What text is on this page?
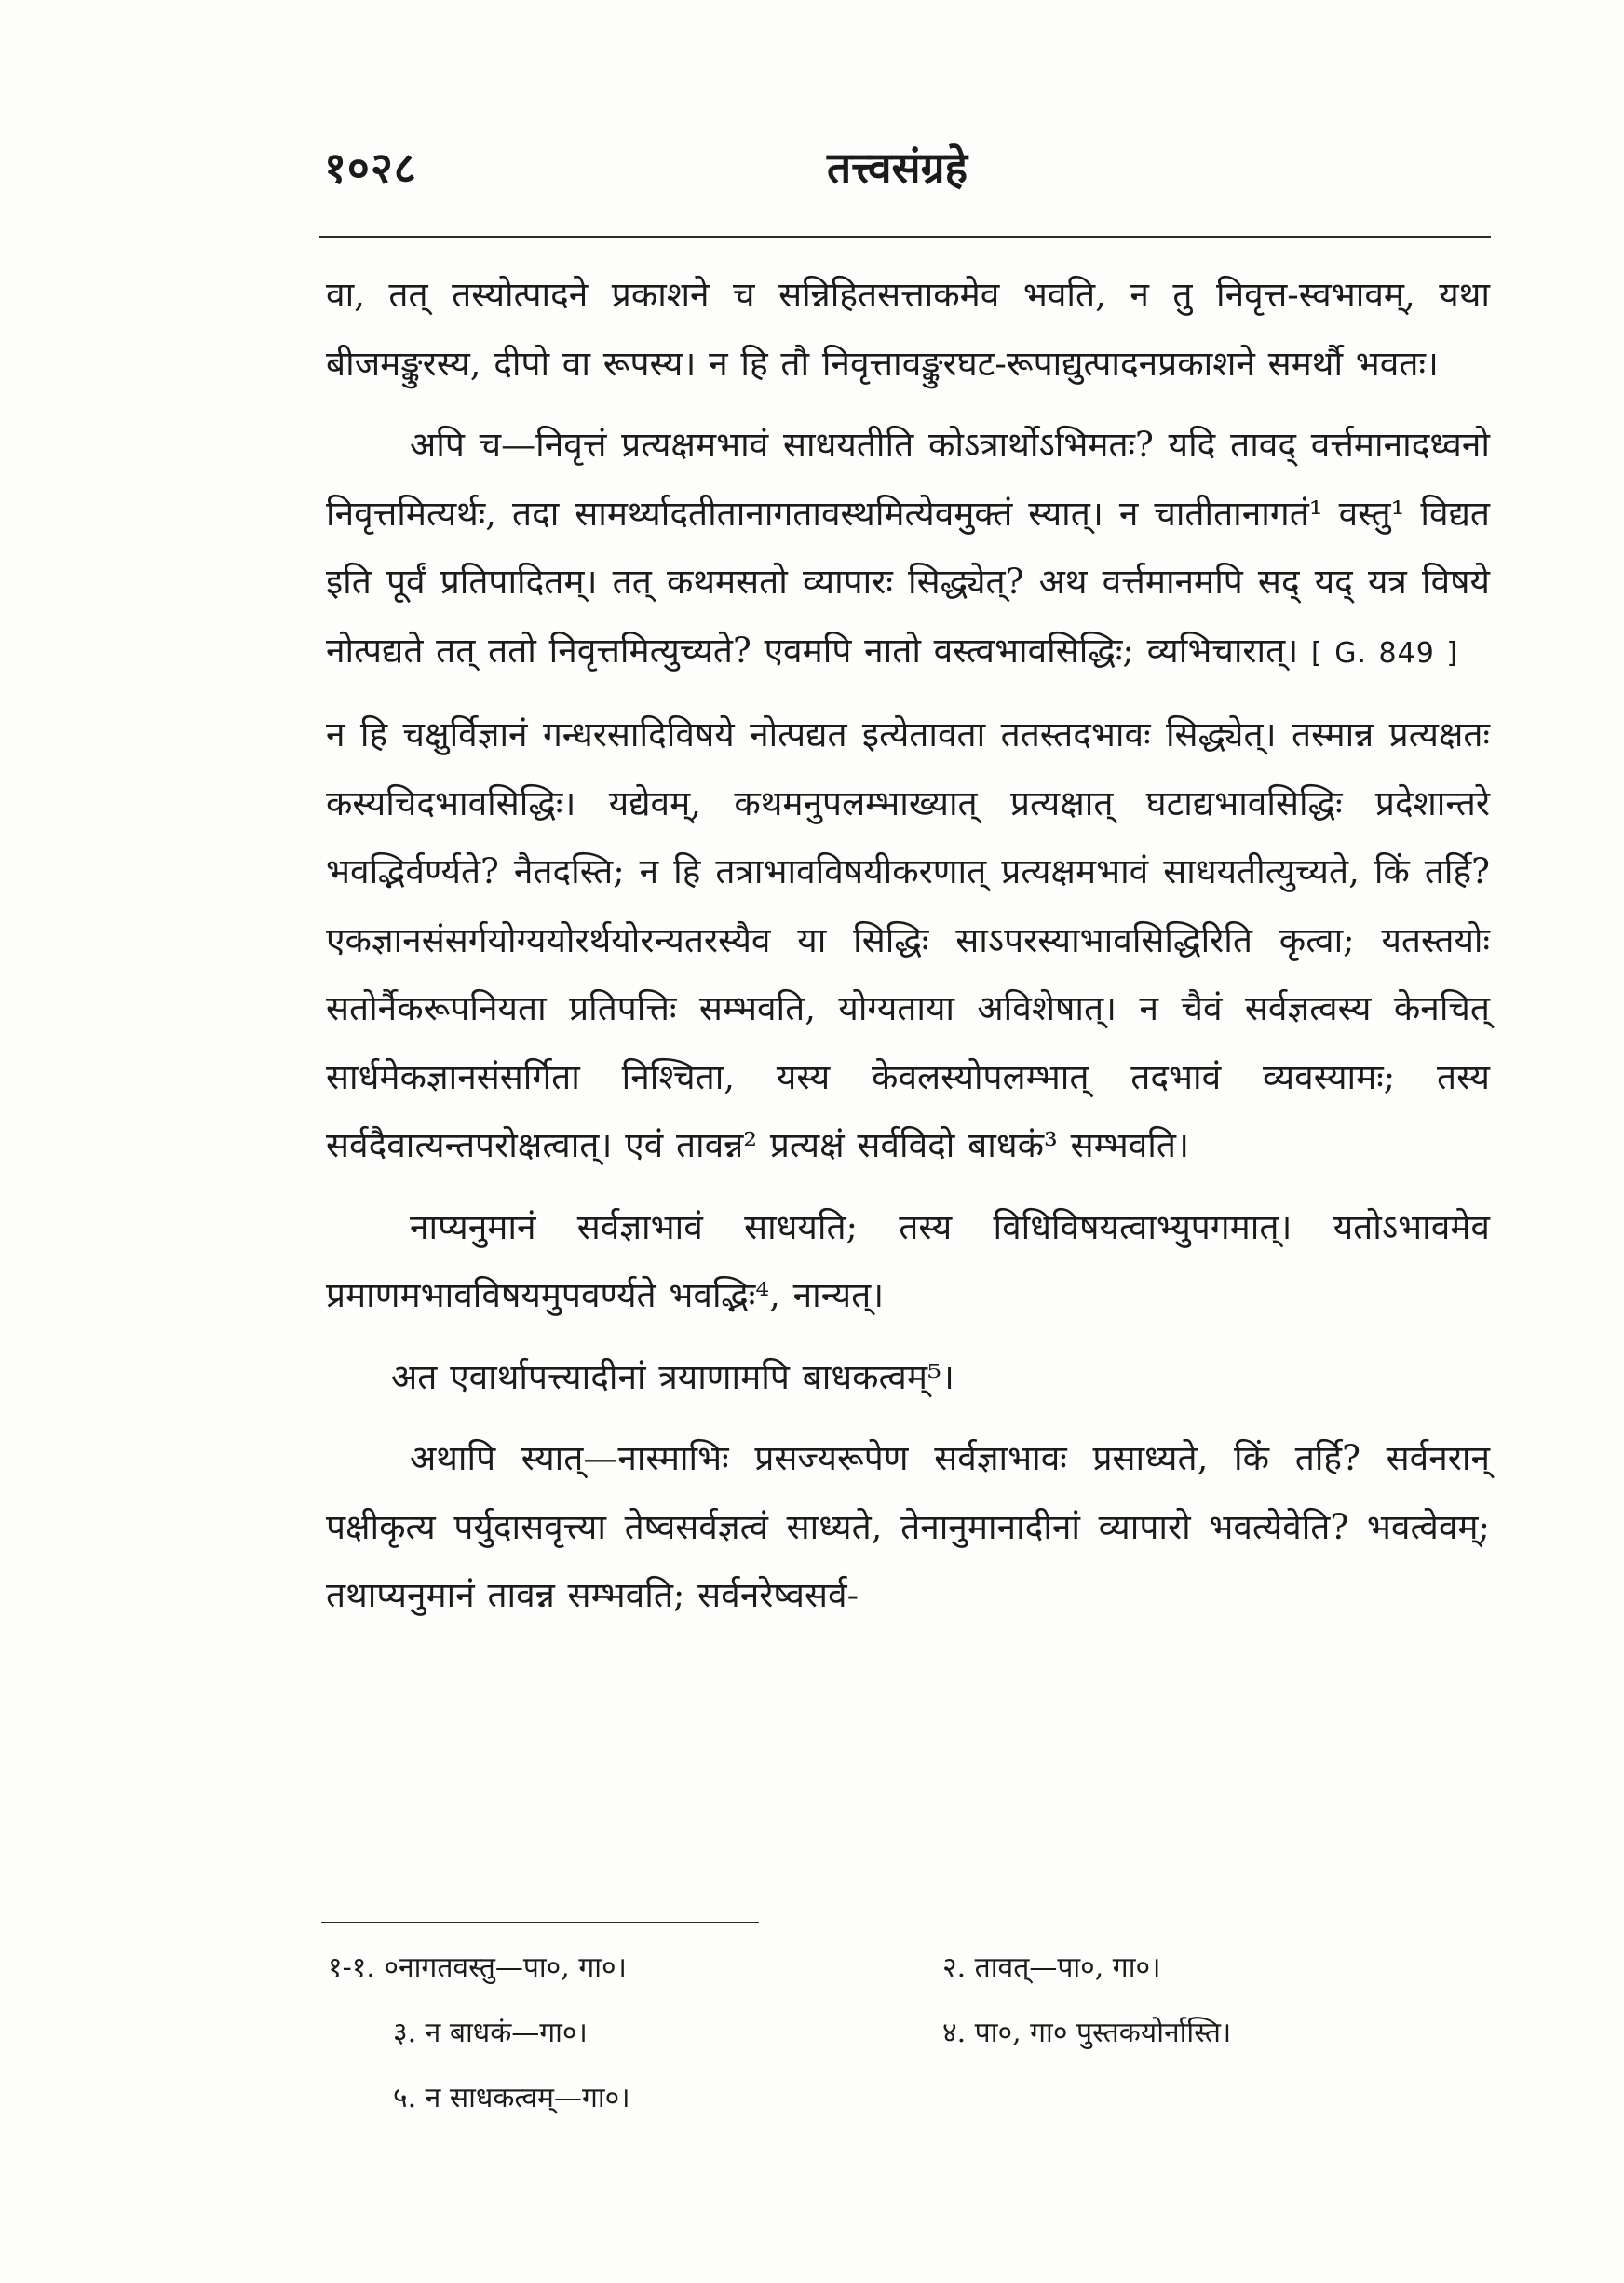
१०२८	तत्त्वसंग्रहे

वा, तत् तस्योत्पादने प्रकाशने च सन्निहितसत्ताकमेव भवति, न तु निवृत्त-स्वभावम्, यथा बीजमङ्कुरस्य, दीपो वा रूपस्य। न हि तौ निवृत्तावङ्कुरघट-रूपाद्युत्पादनप्रकाशने समर्थौ भवतः।

अपि च—निवृत्तं प्रत्यक्षमभावं साधयतीति कोऽत्रार्थोऽभिमतः? यदि तावद् वर्त्तमानादध्वनो निवृत्तमित्यर्थः, तदा सामर्थ्यादतीतानागतावस्थमित्येवमुक्तं स्यात्। न चातीतानागतं¹ वस्तु¹ विद्यत इति पूर्वं प्रतिपादितम्। तत् कथमसतो व्यापारः सिद्ध्येत्? अथ वर्त्तमानमपि सद् यद् यत्र विषये नोत्पद्यते तत् ततो निवृत्तमित्युच्यते? एवमपि नातो वस्त्वभावसिद्धिः; व्यभिचारात्। [ G. 849 ]

न हि चक्षुर्विज्ञानं गन्धरसादिविषये नोत्पद्यत इत्येतावता ततस्तदभावः सिद्ध्येत्। तस्मान्न प्रत्यक्षतः कस्यचिदभावसिद्धिः। यद्येवम्, कथमनुपलम्भाख्यात् प्रत्यक्षात् घटाद्यभावसिद्धिः प्रदेशान्तरे भवद्भिर्वर्ण्यते? नैतदस्ति; न हि तत्राभावविषयीकरणात् प्रत्यक्षमभावं साधयतीत्युच्यते, किं तर्हि? एकज्ञानसंसर्गयोग्ययोरर्थयोरन्यतरस्यैव या सिद्धिः साऽपरस्याभावसिद्धिरिति कृत्वा; यतस्तयोः सतोर्नैकरूपनियता प्रतिपत्तिः सम्भवति, योग्यताया अविशेषात्। न चैवं सर्वज्ञत्वस्य केनचित् सार्धमेकज्ञानसंसर्गिता निश्चिता, यस्य केवलस्योपलम्भात् तदभावं व्यवस्यामः; तस्य सर्वदैवात्यन्तपरोक्षत्वात्। एवं तावन्न² प्रत्यक्षं सर्वविदो बाधकं³ सम्भवति।

नाप्यनुमानं सर्वज्ञाभावं साधयति; तस्य विधिविषयत्वाभ्युपगमात्। यतोऽभावमेव प्रमाणमभावविषयमुपवर्ण्यते भवद्भिः⁴, नान्यत्।

अत एवार्थापत्त्यादीनां त्रयाणामपि बाधकत्वम्⁵।

अथापि स्यात्—नास्माभिः प्रसज्यरूपेण सर्वज्ञाभावः प्रसाध्यते, किं तर्हि? सर्वनरान् पक्षीकृत्य पर्युदासवृत्त्या तेष्वसर्वज्ञत्वं साध्यते, तेनानुमानादीनां व्यापारो भवत्येवेति? भवत्वेवम्; तथाप्यनुमानं तावन्न सम्भवति; सर्वनरेष्वसर्व-

१-१. ०नागतवस्तु—पा०, गा०।	२. तावत्—पा०, गा०।
३. न बाधकं—गा०।	४. पा०, गा० पुस्तकयोर्नास्ति।
५. न साधकत्वम्—गा०।
